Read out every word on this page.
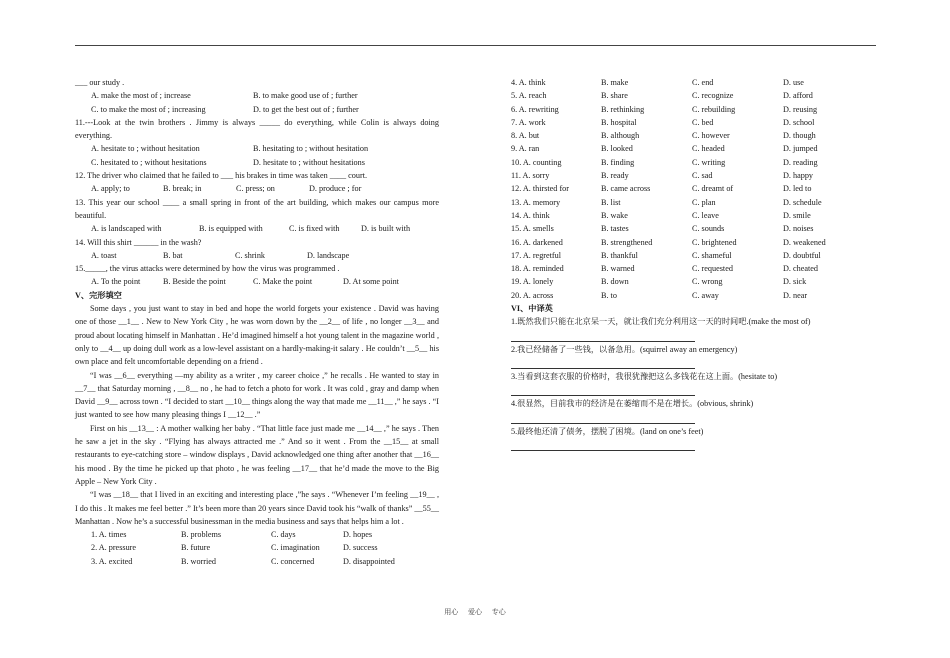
___ our study .
A. make the most of ; increase	B. to make good use of ; further
C. to make the most of ; increasing	D. to get the best out of ; further
11.---Look at the twin brothers . Jimmy is always _____ do everything, while Colin is always doing everything.
A. hesitate to ; without hesitation	B. hesitating to ; without hesitation
C. hesitated to ; without hesitations	D. hesitate to ; without hesitations
12. The driver who claimed that he failed to ___ his brakes in time was taken ____ court.
A. apply; to	B. break; in	C. press; on	D. produce ; for
13. This year our school ____ a small spring in front of the art building, which makes our campus more beautiful.
A. is landscaped with	B. is equipped with	C. is fixed with	D. is built with
14. Will this shirt ______ in the wash?
A. toast	B. bat	C. shrink	D. landscape
15._____, the virus attacks were determined by how the virus was programmed .
A. To the point	B. Beside the point	C. Make the point	D. At some point
V、完形填空
Some days , you just want to stay in bed and hope the world forgets your existence . David was having one of those __1__ . New to New York City , he was worn down by the __2__ of life , no longer __3__ and proud about locating himself in Manhattan . He’d imagined himself a hot young talent in the magazine world , only to __4__ up doing dull work as a low-level assistant on a hardly-making-it salary . He couldn’t __5__ his own place and felt uncomfortable depending on a friend .
“I was __6__ everything —my ability as a writer , my career choice ,” he recalls . He wanted to stay in __7__ that Saturday morning , __8__ no , he had to fetch a photo for work . It was cold , gray and damp when David __9__ across town . “I decided to start __10__ things along the way that made me __11__ ,” he says . “I just wanted to see how many pleasing things I __12__ .”
First on his __13__ : A mother walking her baby . “That little face just made me __14__ ,” he says . Then he saw a jet in the sky . “Flying has always attracted me .” And so it went . From the __15__ at small restaurants to eye-catching store – window displays , David acknowledged one thing after another that __16__ his mood . By the time he picked up that photo , he was feeling __17__ that he’d made the move to the Big Apple – New York City .
“I was __18__ that I lived in an exciting and interesting place ,”he says . “Whenever I’m feeling __19__ , I do this . It makes me feel better .” It’s been more than 20 years since David took his “walk of thanks” __55__ Manhattan . Now he’s a successful businessman in the media business and says that helps him a lot .
1. A. times	B. problems	C. days	D. hopes
2. A. pressure	B. future	C. imagination	D. success
3. A. excited	B. worried	C. concerned	D. disappointed
4. A. think	B. make	C. end	D. use
5. A. reach	B. share	C. recognize	D. afford
6. A. rewriting	B. rethinking	C. rebuilding	D. reusing
7. A. work	B. hospital	C. bed	D. school
8. A. but	B. although	C. however	D. though
9. A. ran	B. looked	C. headed	D. jumped
10. A. counting	B. finding	C. writing	D. reading
11. A. sorry	B. ready	C. sad	D. happy
12. A. thirsted for	B. came across	C. dreamt of	D. led to
13. A. memory	B. list	C. plan	D. schedule
14. A. think	B. wake	C. leave	D. smile
15. A. smells	B. tastes	C. sounds	D. noises
16. A. darkened	B. strengthened	C. brightened	D. weakened
17. A. regretful	B. thankful	C. shameful	D. doubtful
18. A. reminded	B. warned	C. requested	D. cheated
19. A. lonely	B. down	C. wrong	D. sick
20. A. across	B. to	C. away	D. near
VI、中译英
1.既然我们只能在北京呆一天，就让我们充分利用这一天的时间吧.(make the most of)
2.我已经储备了一些钱，以备急用。(squirrel away an emergency)
3.当看到这套衣服的价格时，我很犹豫把这么多钱花在这上面。(hesitate to)
4.很显然，目前我市的经济是在萎缩而不是在增长。(obvious, shrink)
5.最终他还清了债务，摆脱了困境。(land on one’s feet)
用心 爱心 专心
